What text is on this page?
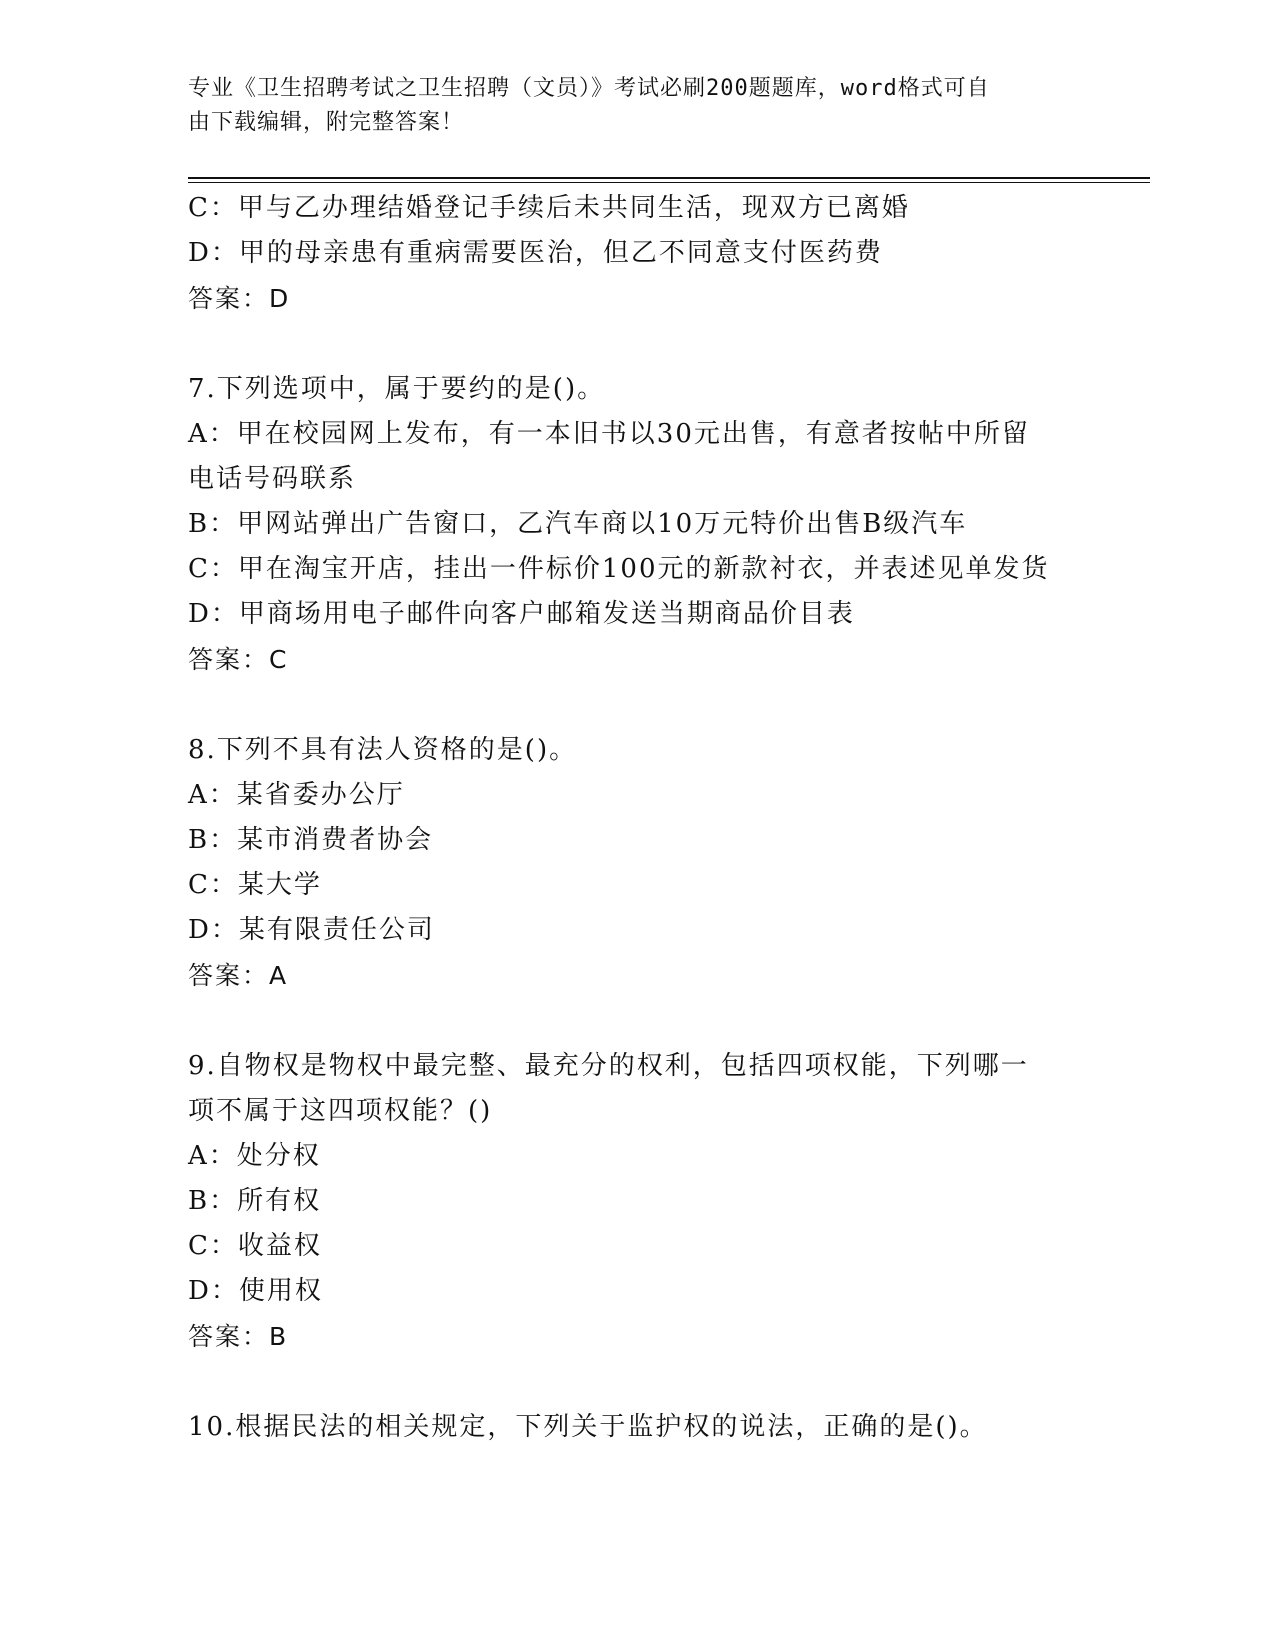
专业《卫生招聘考试之卫生招聘（文员）》考试必刷200题题库，word格式可自
由下载编辑，附完整答案！
C：甲与乙办理结婚登记手续后未共同生活，现双方已离婚
D：甲的母亲患有重病需要医治，但乙不同意支付医药费
答案：D
7.下列选项中，属于要约的是()。
A：甲在校园网上发布，有一本旧书以30元出售，有意者按帖中所留
电话号码联系
B：甲网站弹出广告窗口，乙汽车商以10万元特价出售B级汽车
C：甲在淘宝开店，挂出一件标价100元的新款衬衣，并表述见单发货
D：甲商场用电子邮件向客户邮箱发送当期商品价目表
答案：C
8.下列不具有法人资格的是()。
A：某省委办公厅
B：某市消费者协会
C：某大学
D：某有限责任公司
答案：A
9.自物权是物权中最完整、最充分的权利，包括四项权能，下列哪一
项不属于这四项权能？()
A：处分权
B：所有权
C：收益权
D：使用权
答案：B
10.根据民法的相关规定，下列关于监护权的说法，正确的是()。
